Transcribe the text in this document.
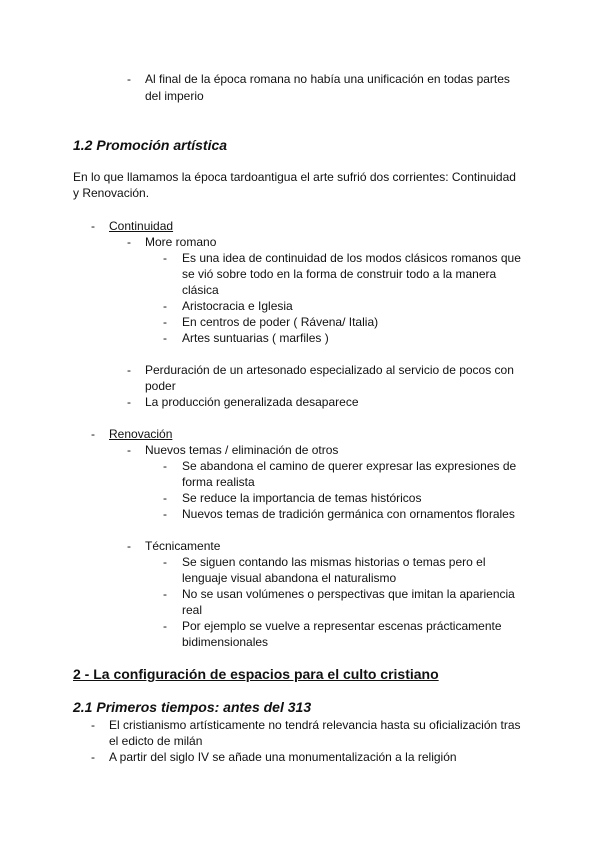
- Al final de la época romana no había una unificación en todas partes
del imperio
1.2 Promoción artística
En lo que llamamos la época tardoantigua el arte sufrió dos corrientes: Continuidad
y Renovación.
- Continuidad
- More romano
- Es una idea de continuidad de los modos clásicos romanos que
se vió sobre todo en la forma de construir todo a la manera
clásica
- Aristocracia e Iglesia
- En centros de poder ( Rávena/ Italia)
- Artes suntuarias ( marfiles )
- Perduración de un artesonado especializado al servicio de pocos con
poder
- La producción generalizada desaparece
- Renovación
- Nuevos temas / eliminación de otros
- Se abandona el camino de querer expresar las expresiones de
forma realista
- Se reduce la importancia de temas históricos
- Nuevos temas de tradición germánica con ornamentos florales
- Técnicamente
- Se siguen contando las mismas historias o temas pero el
lenguaje visual abandona el naturalismo
- No se usan volúmenes o perspectivas que imitan la apariencia
real
- Por ejemplo se vuelve a representar escenas prácticamente
bidimensionales
2 - La configuración de espacios para el culto cristiano
2.1 Primeros tiempos: antes del 313
- El cristianismo artísticamente no tendrá relevancia hasta su oficialización tras
el edicto de milán
- A partir del siglo IV se añade una monumentalización a la religión
